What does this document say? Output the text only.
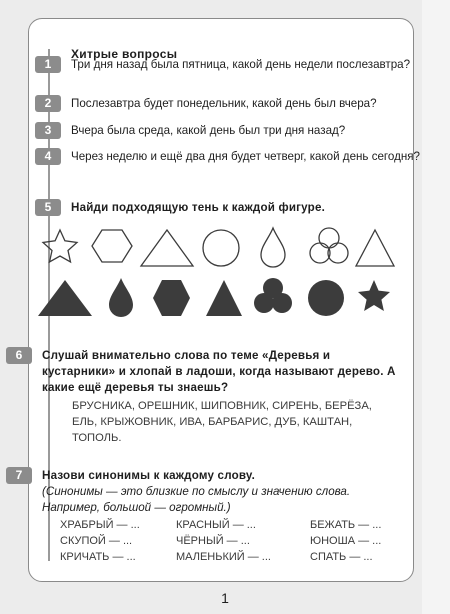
Хитрые вопросы
1	Три дня назад была пятница, какой день недели послезавтра?
2	Послезавтра будет понедельник, какой день был вчера?
3	Вчера была среда, какой день был три дня назад?
4	Через неделю и ещё два дня будет четверг, какой день сегодня?
5	Найди подходящую тень к каждой фигуре.
6	Слушай внимательно слова по теме «Деревья и кустарники» и хлопай в ладоши, когда называют дерево. А какие ещё деревья ты знаешь?
БРУСНИКА, ОРЕШНИК, ШИПОВНИК, СИРЕНЬ, БЕРЁЗА, ЕЛЬ, КРЫЖОВНИК, ИВА, БАРБАРИС, ДУБ, КАШТАН, ТОПОЛЬ.
7	Назови синонимы к каждому слову.
(Синонимы — это близкие по смыслу и значению слова. Например, большой — огромный.)
ХРАБРЫЙ — ...	КРАСНЫЙ — ...	БЕЖАТЬ — ...
СКУПОЙ — ...	ЧЁРНЫЙ — ...	ЮНОША — ...
КРИЧАТЬ — ...	МАЛЕНЬКИЙ — ...	СПАТЬ — ...
1
